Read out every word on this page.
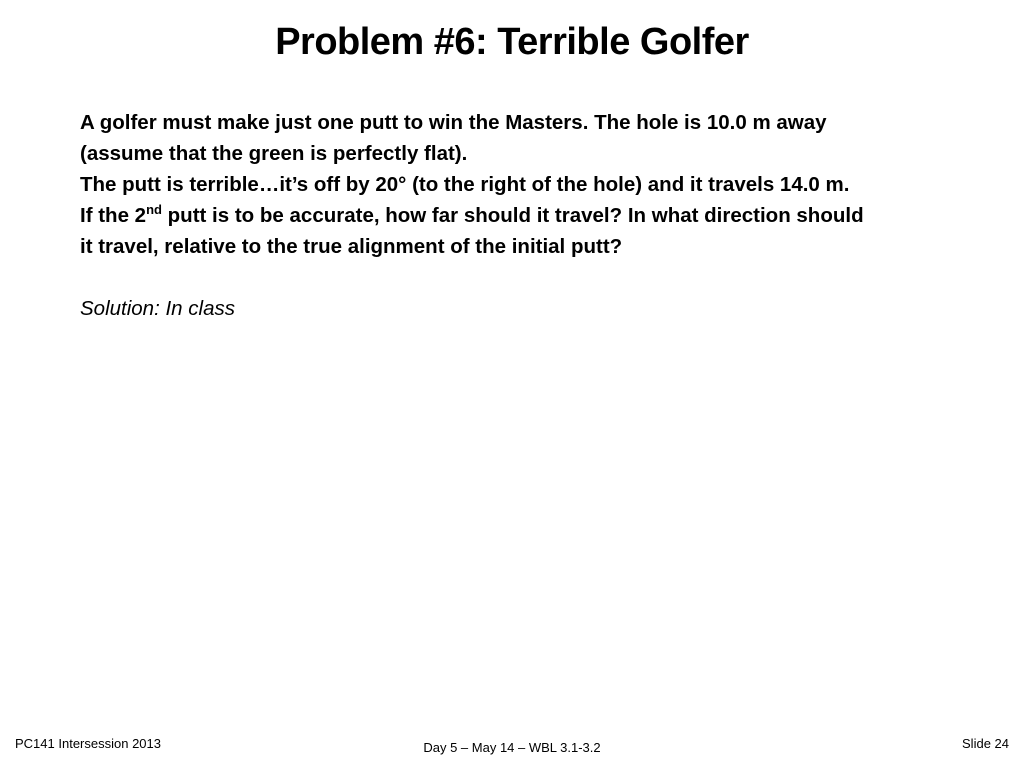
Problem #6: Terrible Golfer

A golfer must make just one putt to win the Masters. The hole is 10.0 m away

(assume that the green is perfectly flat).

The putt is terrible…it’s off by 20° (to the right of the hole) and it travels 14.0 m.

If the 2nd putt is to be accurate, how far should it travel? In what direction should

it travel, relative to the true alignment of the initial putt?

Solution: In class

PC141 Intersession 2013	Day 5 – May 14 – WBL 3.1-3.2	Slide 24
